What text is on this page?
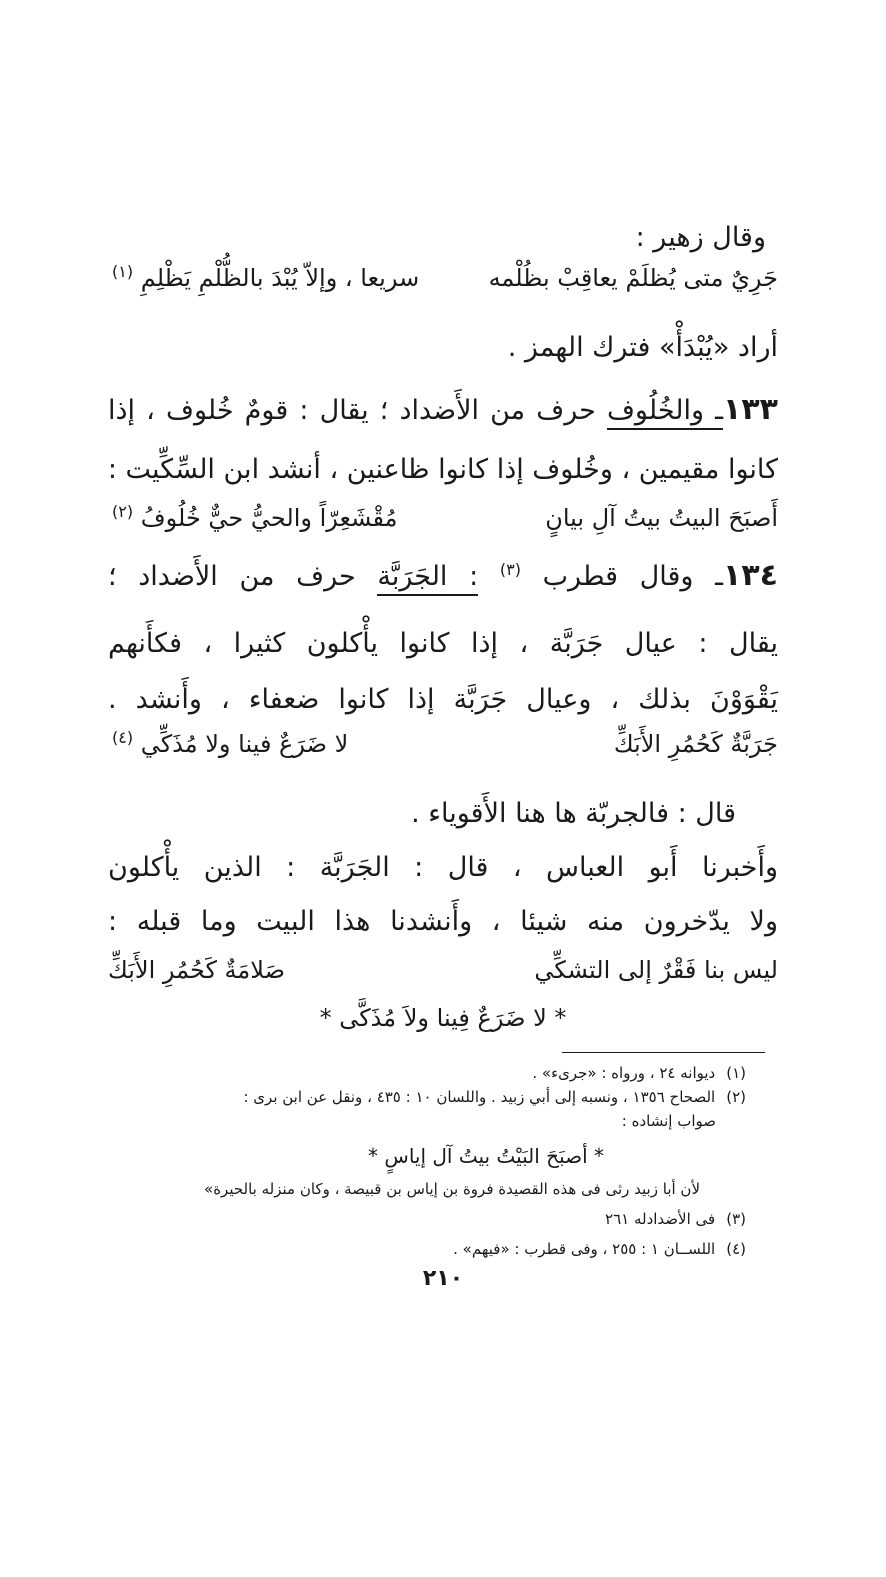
وقال زهير :
جَرِيٌ متى يُظلَمْ يعاقِبْ بظُلْمه
سريعا ، وإلاّ يُبْدَ بالظُّلْمِ يَظْلِمِ $^{(١)}$
أراد «يُبْدَأْ» فترك الهمز .
١٣٣ـ والخُلُوف حرف من الأَضداد ؛ يقال : قومٌ خُلوف ، إذا
كانوا مقيمين ، وخُلوف إذا كانوا ظاعنين ، أنشد ابن السِّكِّيت :
أَصبَحَ البيتُ بيتُ آلِ بيانٍ
مُقْشَعِرّاً والحيُّ حيٌّ خُلُوفُ $^{(٢)}$
١٣٤ـ وقال قطرب $^{(٣)}$ : الجَرَبَّة حرف من الأَضداد ؛
يقال : عيال جَرَبَّة ، إذا كانوا يأْكلون كثيرا ، فكأَنهم
يَقْوَوْنَ بذلك ، وعيال جَرَبَّة إذا كانوا ضعفاء ، وأَنشد .
جَرَبَّةٌ كَحُمُرِ الأَبَكِّ
لا ضَرَعٌ فينا ولا مُذَكِّي $^{(٤)}$
قال : فالجربّة ها هنا الأَقوياء .
وأَخبرنا أَبو العباس ، قال : الجَرَبَّة : الذين يأْكلون
ولا يدّخرون منه شيئا ، وأَنشدنا هذا البيت وما قبله :
ليس بنا فَقْرٌ إلى التشكِّي
صَلامَةٌ كَحُمُرِ الأَبَكِّ
* لا ضَرَعٌ فِينا ولاَ مُذَكَّى *
(١) ديوانه ٢٤ ، ورواه : «جرىء» .
(٢) الصحاح ١٣٥٦ ، ونسبه إلى أبي زبيد . واللسان ١٠ : ٤٣٥ ، ونقل عن ابن برى :
صواب إنشاده :
* أصبَحَ البَيْتُ بيتُ آل إياسٍ *
لأن أبا زبيد رثى فى هذه القصيدة فروة بن إياس بن قبيصة ، وكان منزله بالحيرة»
(٣) فى الأضدادله ٢٦١
(٤) اللســان ١ : ٢٥٥ ، وفى قطرب : «فيهم» .
٢١٠
